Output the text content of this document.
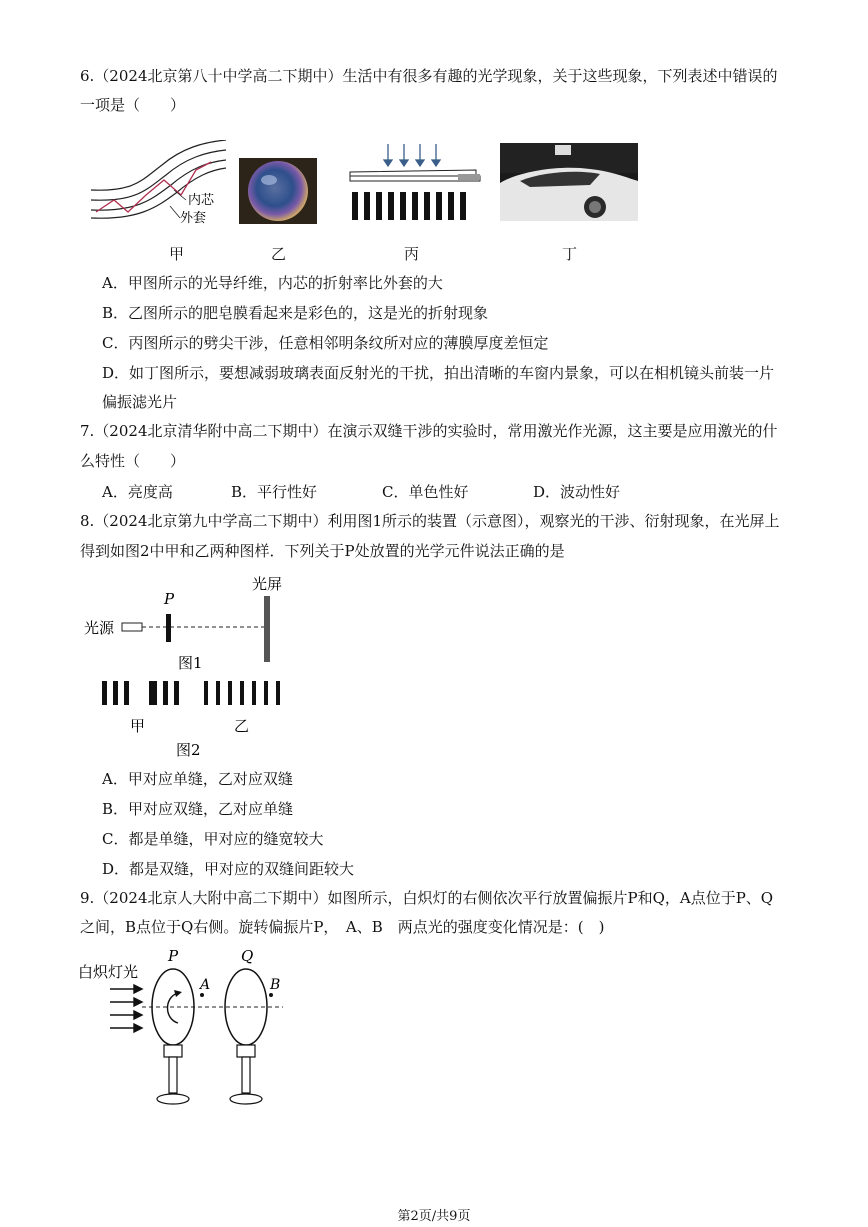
6.（2024北京第八十中学高二下期中）生活中有很多有趣的光学现象，关于这些现象，下列表述中错误的
一项是（　　）
内芯
外套
甲	乙	丙	丁
A．甲图所示的光导纤维，内芯的折射率比外套的大
B．乙图所示的肥皂膜看起来是彩色的，这是光的折射现象
C．丙图所示的劈尖干涉，任意相邻明条纹所对应的薄膜厚度差恒定
D．如丁图所示，要想减弱玻璃表面反射光的干扰，拍出清晰的车窗内景象，可以在相机镜头前装一片
偏振滤光片
7.（2024北京清华附中高二下期中）在演示双缝干涉的实验时，常用激光作光源，这主要是应用激光的什
么特性（　　）
A．亮度高	B．平行性好	C．单色性好	D．波动性好
8.（2024北京第九中学高二下期中）利用图1所示的装置（示意图），观察光的干涉、衍射现象，在光屏上
得到如图2中甲和乙两种图样．下列关于P处放置的光学元件说法正确的是
光源
P
光屏
图1
甲	乙
图2
A．甲对应单缝，乙对应双缝
B．甲对应双缝，乙对应单缝
C．都是单缝，甲对应的缝宽较大
D．都是双缝，甲对应的双缝间距较大
9.（2024北京人大附中高二下期中）如图所示，白炽灯的右侧依次平行放置偏振片P和Q，A点位于P、Q
之间，B点位于Q右侧。旋转偏振片P，　A、B　两点光的强度变化情况是：(　)
白炽灯光
P
A
Q
B
第2页/共9页
